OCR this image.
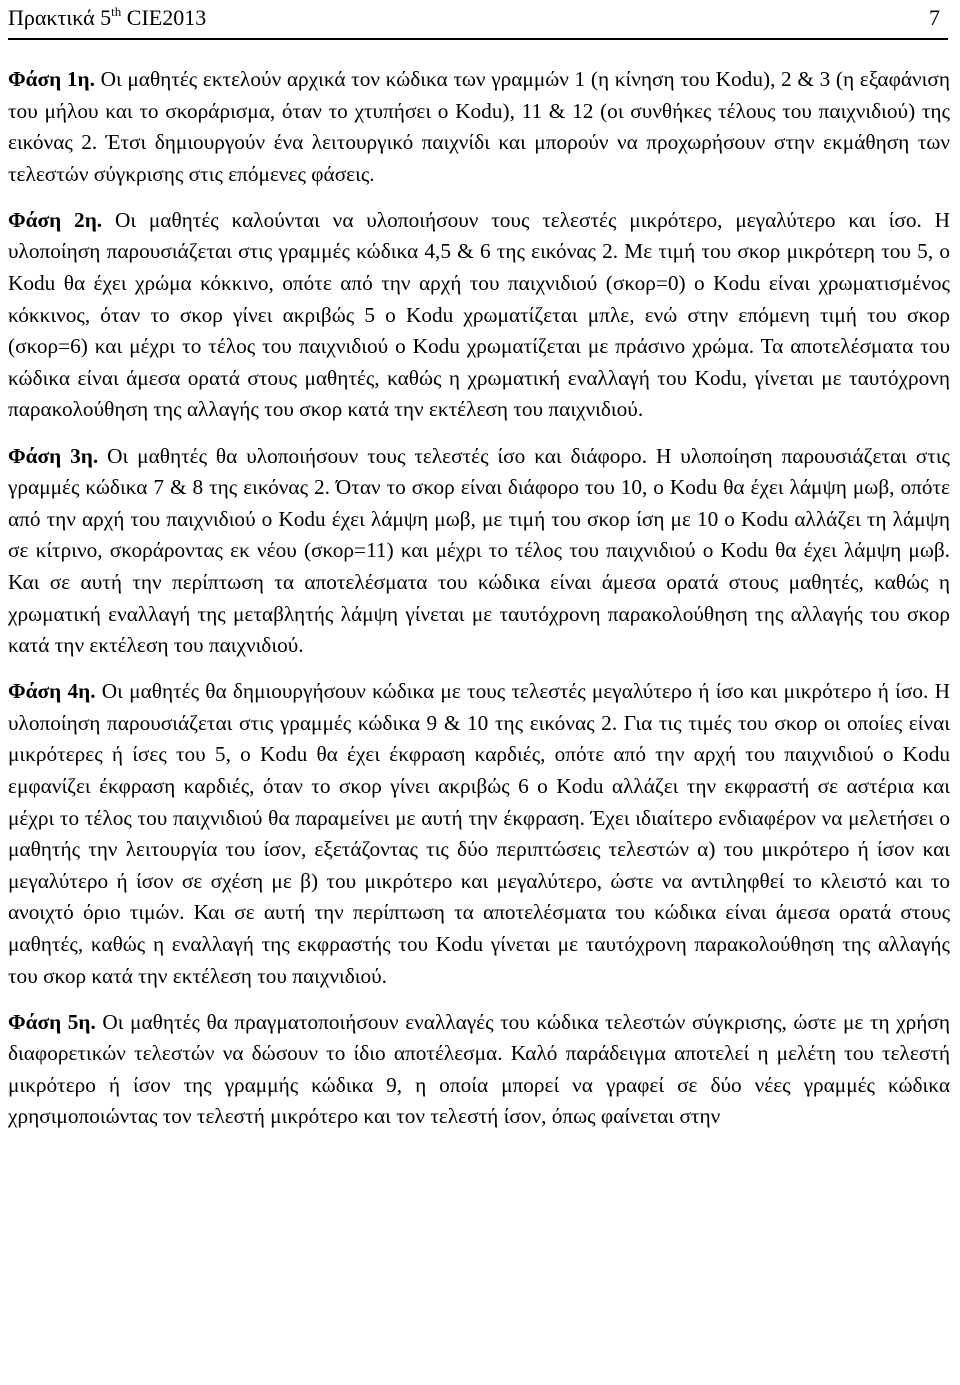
Πρακτικά 5th CIE2013	7

Φάση 1η. Οι μαθητές εκτελούν αρχικά τον κώδικα των γραμμών 1 (η κίνηση του Kodu), 2 & 3 (η εξαφάνιση του μήλου και το σκοράρισμα, όταν το χτυπήσει ο Kodu), 11 & 12 (οι συνθήκες τέλους του παιχνιδιού) της εικόνας 2. Έτσι δημιουργούν ένα λειτουργικό παιχνίδι και μπορούν να προχωρήσουν στην εκμάθηση των τελεστών σύγκρισης στις επόμενες φάσεις.

Φάση 2η. Οι μαθητές καλούνται να υλοποιήσουν τους τελεστές μικρότερο, μεγαλύτερο και ίσο. Η υλοποίηση παρουσιάζεται στις γραμμές κώδικα 4,5 & 6 της εικόνας 2. Με τιμή του σκορ μικρότερη του 5, ο Kodu θα έχει χρώμα κόκκινο, οπότε από την αρχή του παιχνιδιού (σκορ=0) ο Kodu είναι χρωματισμένος κόκκινος, όταν το σκορ γίνει ακριβώς 5 ο Kodu χρωματίζεται μπλε, ενώ στην επόμενη τιμή του σκορ (σκορ=6) και μέχρι το τέλος του παιχνιδιού ο Kodu χρωματίζεται με πράσινο χρώμα. Τα αποτελέσματα του κώδικα είναι άμεσα ορατά στους μαθητές, καθώς η χρωματική εναλλαγή του Kodu, γίνεται με ταυτόχρονη παρακολούθηση της αλλαγής του σκορ κατά την εκτέλεση του παιχνιδιού.

Φάση 3η. Οι μαθητές θα υλοποιήσουν τους τελεστές ίσο και διάφορο. Η υλοποίηση παρουσιάζεται στις γραμμές κώδικα 7 & 8 της εικόνας 2. Όταν το σκορ είναι διάφορο του 10, ο Kodu θα έχει λάμψη μωβ, οπότε από την αρχή του παιχνιδιού ο Kodu έχει λάμψη μωβ, με τιμή του σκορ ίση με 10 ο Kodu αλλάζει τη λάμψη σε κίτρινο, σκοράροντας εκ νέου (σκορ=11) και μέχρι το τέλος του παιχνιδιού ο Kodu θα έχει λάμψη μωβ. Και σε αυτή την περίπτωση τα αποτελέσματα του κώδικα είναι άμεσα ορατά στους μαθητές, καθώς η χρωματική εναλλαγή της μεταβλητής λάμψη γίνεται με ταυτόχρονη παρακολούθηση της αλλαγής του σκορ κατά την εκτέλεση του παιχνιδιού.

Φάση 4η. Οι μαθητές θα δημιουργήσουν κώδικα με τους τελεστές μεγαλύτερο ή ίσο και μικρότερο ή ίσο. Η υλοποίηση παρουσιάζεται στις γραμμές κώδικα 9 & 10 της εικόνας 2. Για τις τιμές του σκορ οι οποίες είναι μικρότερες ή ίσες του 5, ο Kodu θα έχει έκφραση καρδιές, οπότε από την αρχή του παιχνιδιού ο Kodu εμφανίζει έκφραση καρδιές, όταν το σκορ γίνει ακριβώς 6 ο Kodu αλλάζει την εκφραστή σε αστέρια και μέχρι το τέλος του παιχνιδιού θα παραμείνει με αυτή την έκφραση. Έχει ιδιαίτερο ενδιαφέρον να μελετήσει ο μαθητής την λειτουργία του ίσον, εξετάζοντας τις δύο περιπτώσεις τελεστών α) του μικρότερο ή ίσον και μεγαλύτερο ή ίσον σε σχέση με β) του μικρότερο και μεγαλύτερο, ώστε να αντιληφθεί το κλειστό και το ανοιχτό όριο τιμών. Και σε αυτή την περίπτωση τα αποτελέσματα του κώδικα είναι άμεσα ορατά στους μαθητές, καθώς η εναλλαγή της εκφραστής του Kodu γίνεται με ταυτόχρονη παρακολούθηση της αλλαγής του σκορ κατά την εκτέλεση του παιχνιδιού.

Φάση 5η. Οι μαθητές θα πραγματοποιήσουν εναλλαγές του κώδικα τελεστών σύγκρισης, ώστε με τη χρήση διαφορετικών τελεστών να δώσουν το ίδιο αποτέλεσμα. Καλό παράδειγμα αποτελεί η μελέτη του τελεστή μικρότερο ή ίσον της γραμμής κώδικα 9, η οποία μπορεί να γραφεί σε δύο νέες γραμμές κώδικα χρησιμοποιώντας τον τελεστή μικρότερο και τον τελεστή ίσον, όπως φαίνεται στην
